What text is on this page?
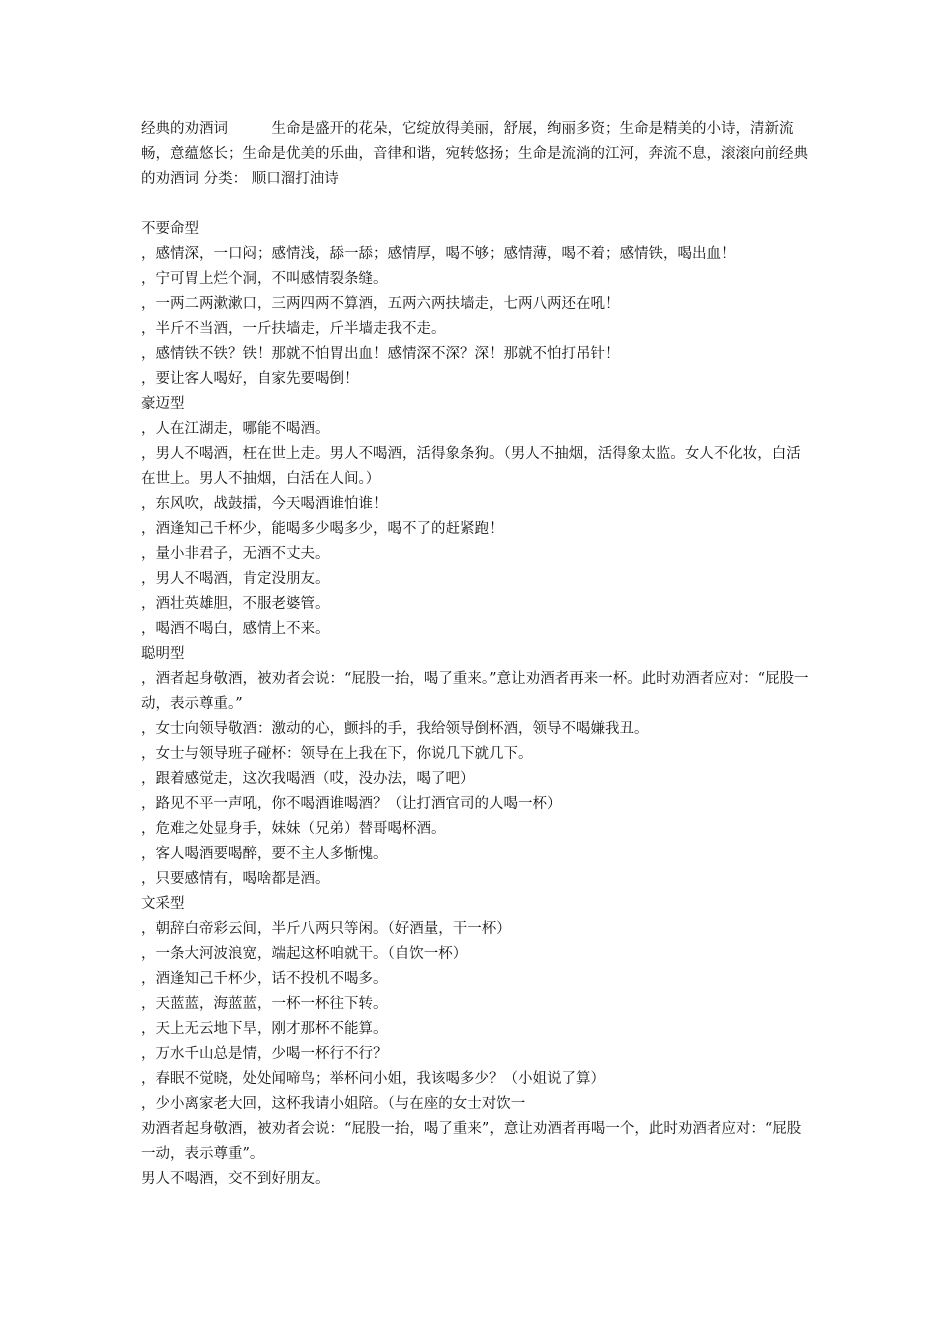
经典的劝酒词　　　生命是盛开的花朵，它绽放得美丽，舒展，绚丽多资；生命是精美的小诗，清新流畅，意蕴悠长；生命是优美的乐曲，音律和谐，宛转悠扬；生命是流淌的江河，奔流不息，滚滚向前经典的劝酒词 分类： 顺口溜打油诗

不要命型

，感情深，一口闷；感情浅，舔一舔；感情厚，喝不够；感情薄，喝不着；感情铁，喝出血！

，宁可胃上烂个洞，不叫感情裂条缝。

，一两二两漱漱口，三两四两不算酒，五两六两扶墙走，七两八两还在吼！

，半斤不当酒，一斤扶墙走，斤半墙走我不走。

，感情铁不铁？铁！那就不怕胃出血！感情深不深？深！那就不怕打吊针！

，要让客人喝好，自家先要喝倒！

豪迈型

，人在江湖走，哪能不喝酒。

，男人不喝酒，枉在世上走。男人不喝酒，活得象条狗。（男人不抽烟，活得象太监。女人不化妆，白活在世上。男人不抽烟，白活在人间。）

，东风吹，战鼓擂，今天喝酒谁怕谁！

，酒逢知己千杯少，能喝多少喝多少，喝不了的赶紧跑！

，量小非君子，无酒不丈夫。

，男人不喝酒，肯定没朋友。

，酒壮英雄胆，不服老婆管。

，喝酒不喝白，感情上不来。

聪明型

，酒者起身敬酒，被劝者会说：“屁股一抬，喝了重来。”意让劝酒者再来一杯。此时劝酒者应对：“屁股一动，表示尊重。”

，女士向领导敬酒：激动的心，颤抖的手，我给领导倒杯酒，领导不喝嫌我丑。

，女士与领导班子碰杯：领导在上我在下，你说几下就几下。

，跟着感觉走，这次我喝酒（哎，没办法，喝了吧）

，路见不平一声吼，你不喝酒谁喝酒？（让打酒官司的人喝一杯）

，危难之处显身手，妹妹（兄弟）替哥喝杯酒。

，客人喝酒要喝醉，要不主人多惭愧。

，只要感情有，喝啥都是酒。

文采型

，朝辞白帝彩云间，半斤八两只等闲。（好酒量，干一杯）

，一条大河波浪宽，端起这杯咱就干。（自饮一杯）

，酒逢知己千杯少，话不投机不喝多。

，天蓝蓝，海蓝蓝，一杯一杯往下转。

，天上无云地下旱，刚才那杯不能算。

，万水千山总是情，少喝一杯行不行？

，春眠不觉晓，处处闻啼鸟；举杯问小姐，我该喝多少？（小姐说了算）

，少小离家老大回，这杯我请小姐陪。（与在座的女士对饮一

劝酒者起身敬酒，被劝者会说：“屁股一抬，喝了重来”，意让劝酒者再喝一个，此时劝酒者应对：“屁股一动，表示尊重”。

男人不喝酒，交不到好朋友。
